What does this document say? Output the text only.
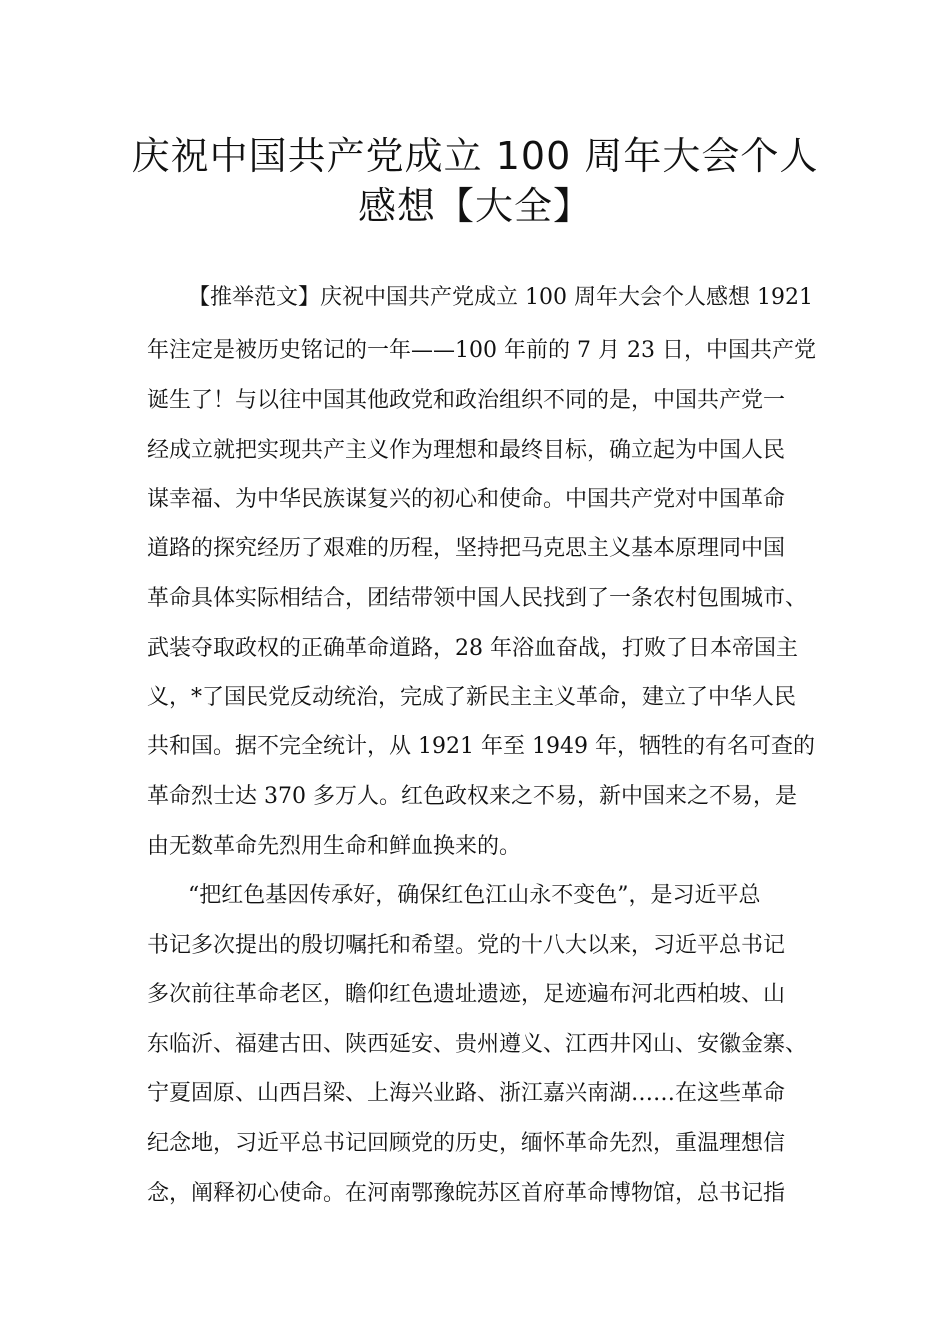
庆祝中国共产党成立 100 周年大会个人
感想【大全】
【推举范文】庆祝中国共产党成立 100 周年大会个人感想 1921
年注定是被历史铭记的一年——100 年前的 7 月 23 日，中国共产党
诞生了！与以往中国其他政党和政治组织不同的是，中国共产党一
经成立就把实现共产主义作为理想和最终目标，确立起为中国人民
谋幸福、为中华民族谋复兴的初心和使命。中国共产党对中国革命
道路的探究经历了艰难的历程，坚持把马克思主义基本原理同中国
革命具体实际相结合，团结带领中国人民找到了一条农村包围城市、
武装夺取政权的正确革命道路，28 年浴血奋战，打败了日本帝国主
义，*了国民党反动统治，完成了新民主主义革命，建立了中华人民
共和国。据不完全统计，从 1921 年至 1949 年，牺牲的有名可查的
革命烈士达 370 多万人。红色政权来之不易，新中国来之不易，是
由无数革命先烈用生命和鲜血换来的。
“把红色基因传承好，确保红色江山永不变色”，是习近平总
书记多次提出的殷切嘱托和希望。党的十八大以来，习近平总书记
多次前往革命老区，瞻仰红色遗址遗迹，足迹遍布河北西柏坡、山
东临沂、福建古田、陕西延安、贵州遵义、江西井冈山、安徽金寨、
宁夏固原、山西吕梁、上海兴业路、浙江嘉兴南湖……在这些革命
纪念地，习近平总书记回顾党的历史，缅怀革命先烈，重温理想信
念，阐释初心使命。在河南鄂豫皖苏区首府革命博物馆，总书记指
